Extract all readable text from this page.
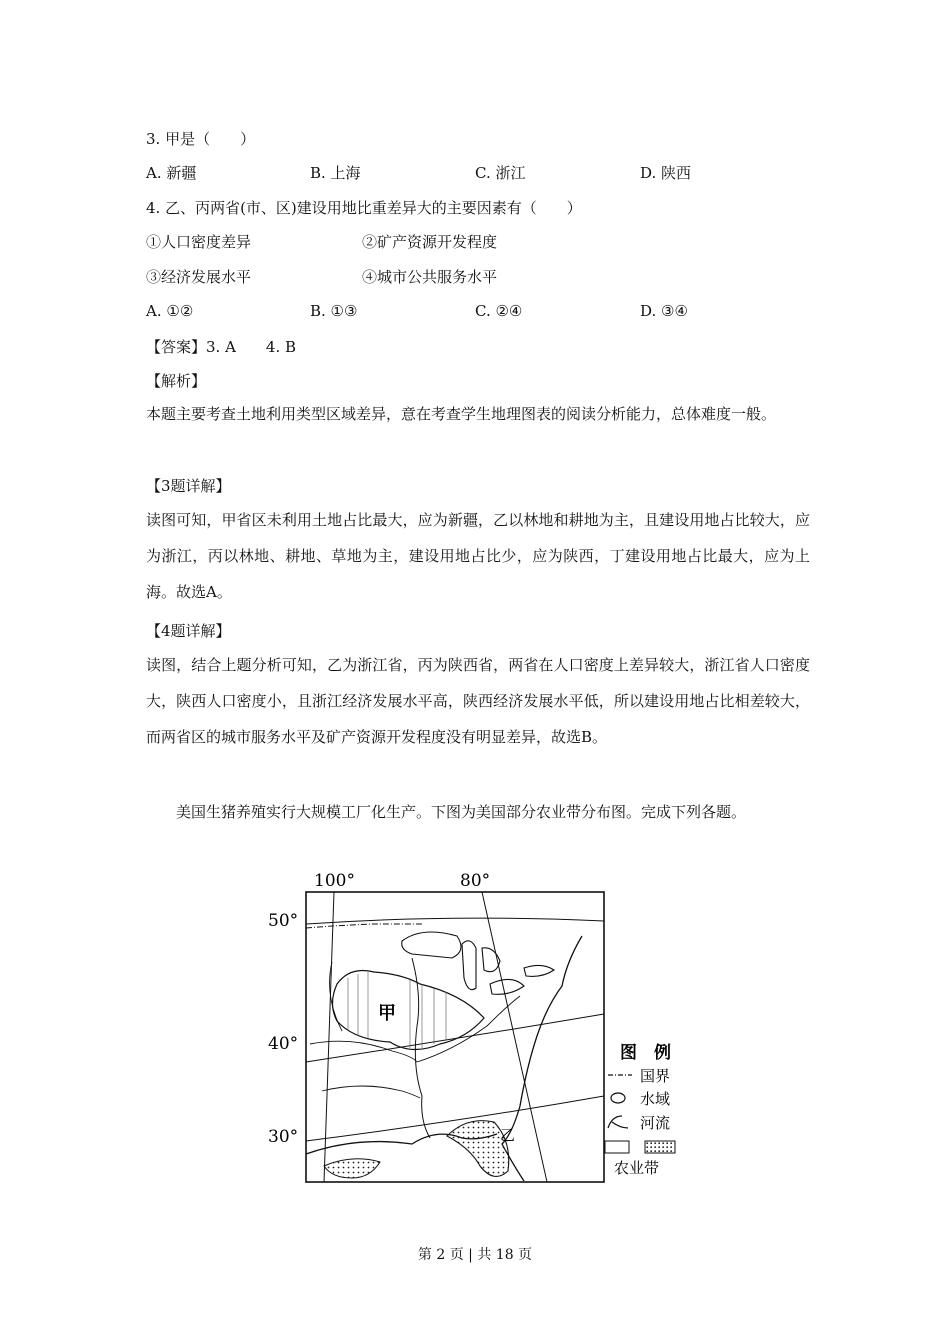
3. 甲是（　　）
A. 新疆	B. 上海	C. 浙江	D. 陕西
4. 乙、丙两省(市、区)建设用地比重差异大的主要因素有（　　）
①人口密度差异	②矿产资源开发程度
③经济发展水平	④城市公共服务水平
A. ①②	B. ①③	C. ②④	D. ③④
【答案】3. A　　4. B
【解析】
本题主要考查土地利用类型区域差异，意在考查学生地理图表的阅读分析能力，总体难度一般。
【3题详解】
读图可知，甲省区未利用土地占比最大，应为新疆，乙以林地和耕地为主，且建设用地占比较大，应为浙江，丙以林地、耕地、草地为主，建设用地占比少，应为陕西，丁建设用地占比最大，应为上海。故选A。
【4题详解】
读图，结合上题分析可知，乙为浙江省，丙为陕西省，两省在人口密度上差异较大，浙江省人口密度大，陕西人口密度小，且浙江经济发展水平高，陕西经济发展水平低，所以建设用地占比相差较大，而两省区的城市服务水平及矿产资源开发程度没有明显差异，故选B。
美国生猪养殖实行大规模工厂化生产。下图为美国部分农业带分布图。完成下列各题。
100°	80°
50°
40°
30°
甲
乙
图　例
国界
水域
河流
农业带
第 2 页 | 共 18 页
